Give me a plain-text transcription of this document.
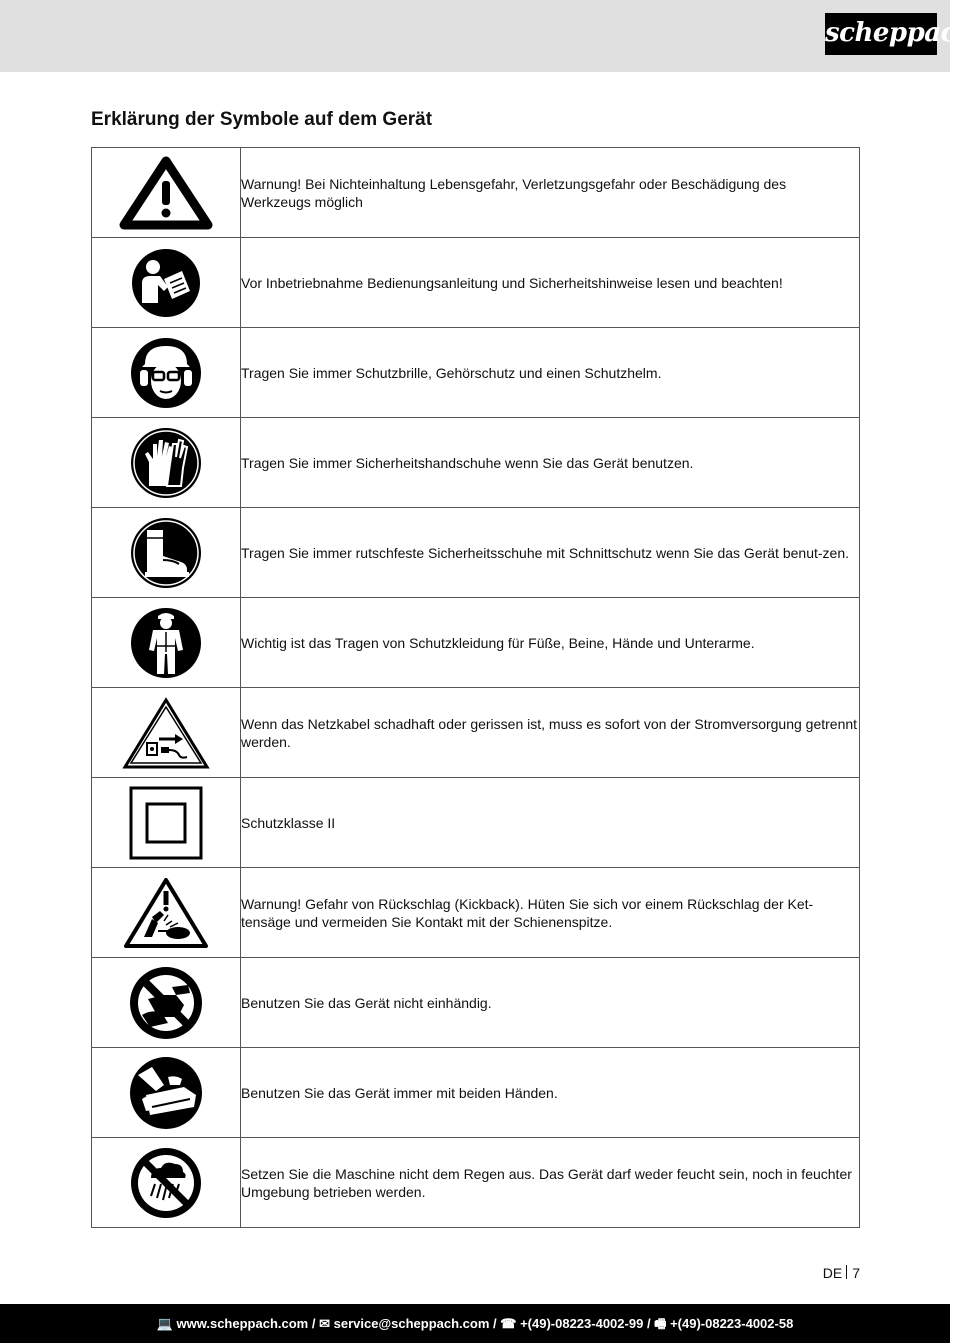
scheppach
Erklärung der Symbole auf dem Gerät
	Warnung! Bei Nichteinhaltung Lebensgefahr, Verletzungsgefahr oder Beschädigung des Werkzeugs möglich

	Vor Inbetriebnahme Bedienungsanleitung und Sicherheitshinweise lesen und beachten!

	Tragen Sie immer Schutzbrille, Gehörschutz und einen Schutzhelm.

	Tragen Sie immer Sicherheitshandschuhe wenn Sie das Gerät benutzen.

	Tragen Sie immer rutschfeste Sicherheitsschuhe mit Schnittschutz wenn Sie das Gerät benut-zen.

	Wichtig ist das Tragen von Schutzkleidung für Füße, Beine, Hände und Unterarme.

	Wenn das Netzkabel schadhaft oder gerissen ist, muss es sofort von der Stromversorgung getrennt werden.

	Schutzklasse II

	Warnung! Gefahr von Rückschlag (Kickback). Hüten Sie sich vor einem Rückschlag der Ket-tensäge und vermeiden Sie Kontakt mit der Schienenspitze.

	Benutzen Sie das Gerät nicht einhändig.

	Benutzen Sie das Gerät immer mit beiden Händen.

	Setzen Sie die Maschine nicht dem Regen aus. Das Gerät darf weder feucht sein, noch in feuchter Umgebung betrieben werden.
DE 7
💻 www.scheppach.com / ✉ service@scheppach.com / ☎ +(49)-08223-4002-99 / 🖷 +(49)-08223-4002-58
